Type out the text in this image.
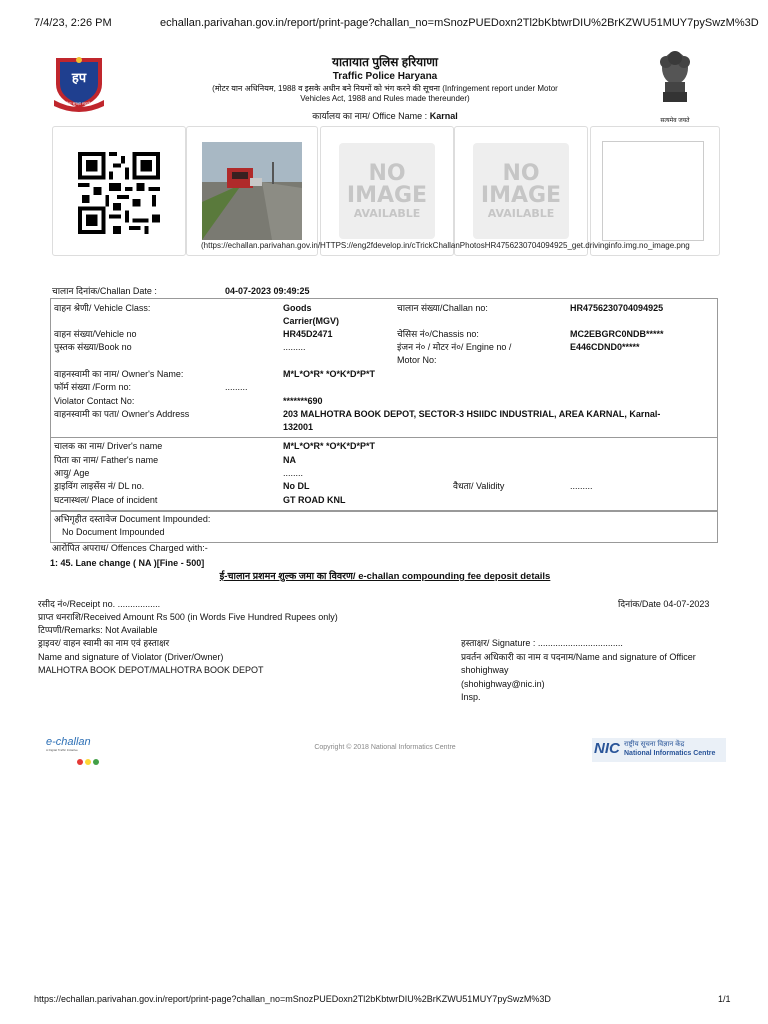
7/4/23, 2:26 PM	echallan.parivahan.gov.in/report/print-page?challan_no=mSnozPUEDoxn2Tl2bKbtwrDIU%2BrKZWU51MUY7pySwzM%3D
हप
सेवा सुरक्षा सहयोग
यातायात पुलिस हरियाणा
Traffic Police Haryana
(मोटर यान अधिनियम, 1988 व इसके अधीन बने नियमों को भंग करने की सूचना (Infringement report under Motor
Vehicles Act, 1988 and Rules made thereunder)
कार्यालय का नाम/ Office Name : Karnal	सत्यमेव जयते
NO
IMAGE
AVAILABLE
NO
IMAGE
AVAILABLE
(https://echallan.parivahan.gov.in/HTTPS://eng2fdevelop.in/cTrickChallanPhotosHR4756230704094925_get.drivinginfo.img.no_image.png
चालान दिनांक/Challan Date :	04-07-2023 09:49:25
वाहन श्रेणी/ Vehicle Class:	Goods
Carrier(MGV)
चालान संख्या/Challan no:	HR4756230704094925
वाहन संख्या/Vehicle no	HR45D2471	चेसिस नं०/Chassis no:	MC2EBGRC0NDB*****
पुस्तक संख्या/Book no	.........	इंजन नं० / मोटर नं०/ Engine no /
Motor No:
E446CDND0*****
वाहनस्वामी का नाम/ Owner's Name:	M*L*O*R* *O*K*D*P*T
फॉर्म संख्या /Form no:	.........
Violator Contact No:	*******690
वाहनस्वामी का पता/ Owner's Address	203 MALHOTRA BOOK DEPOT, SECTOR-3 HSIIDC INDUSTRIAL, AREA KARNAL, Karnal-
132001
चालक का नाम/ Driver's name	M*L*O*R* *O*K*D*P*T
पिता का नाम/ Father's name	NA
आयु/ Age	........
ड्राइविंग लाइसेंस नं/ DL no.	No DL	वैधता/ Validity	.........
घटनास्थल/ Place of incident	GT ROAD KNL
अभिगृहीत दस्तावेज Document Impounded:
No Document Impounded
आरोपित अपराध/ Offences Charged with:-
1: 45. Lane change ( NA )[Fine - 500]
ई-चालान प्रशमन शुल्क जमा का विवरण/ e-challan compounding fee deposit details
रसीद नं०/Receipt no. .................	दिनांक/Date 04-07-2023
प्राप्त धनराशि/Received Amount Rs 500 (in Words Five Hundred Rupees only)
टिप्पणी/Remarks: Not Available
ड्राइवर/ वाहन स्वामी का नाम एवं हस्ताक्षर	हस्ताक्षर/ Signature : ..................................
Name and signature of Violator (Driver/Owner)	प्रवर्तन अधिकारी का नाम व पदनाम/Name and signature of Officer
MALHOTRA BOOK DEPOT/MALHOTRA BOOK DEPOT	shohighway
(shohighway@nic.in)
Insp.
e-challan
A Digital Traffic Initiative	Copyright © 2018 National Informatics Centre	NIC राष्ट्रीय सूचना विज्ञान केंद्र
National Informatics Centre
https://echallan.parivahan.gov.in/report/print-page?challan_no=mSnozPUEDoxn2Tl2bKbtwrDIU%2BrKZWU51MUY7pySwzM%3D	1/1
